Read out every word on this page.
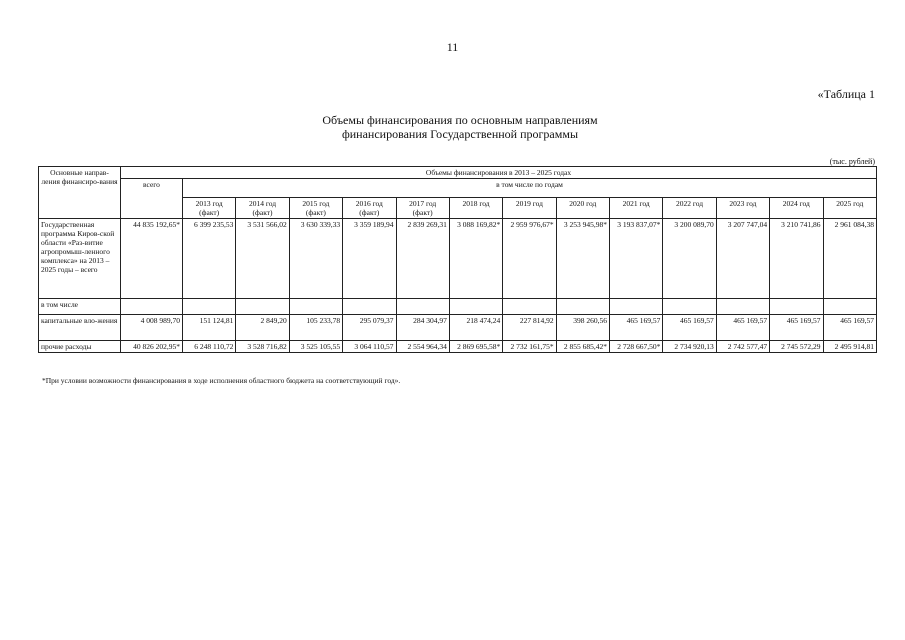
11
«Таблица 1
Объемы финансирования по основным направлениям
финансирования Государственной программы
(тыс. рублей)
Основные направ-ления финансиро-вания	Объемы финансирования в 2013 – 2025 годах													
	всего	в том числе по годам												
		2013 год (факт)	2014 год (факт)	2015 год (факт)	2016 год (факт)	2017 год (факт)	2018 год	2019 год	2020 год	2021 год	2022 год	2023 год	2024 год	2025 год
Государственная программа Киров-ской области «Раз-витие агропромыш-ленного комплекса» на 2013 – 2025 годы – всего	44 835 192,65*	6 399 235,53	3 531 566,02	3 630 339,33	3 359 189,94	2 839 269,31	3 088 169,82*	2 959 976,67*	3 253 945,98*	3 193 837,07*	3 200 089,70	3 207 747,04	3 210 741,86	2 961 084,38
в том числе														
капитальные вло-жения	4 008 989,70	151 124,81	2 849,20	105 233,78	295 079,37	284 304,97	218 474,24	227 814,92	398 260,56	465 169,57	465 169,57	465 169,57	465 169,57	465 169,57
прочие расходы	40 826 202,95*	6 248 110,72	3 528 716,82	3 525 105,55	3 064 110,57	2 554 964,34	2 869 695,58*	2 732 161,75*	2 855 685,42*	2 728 667,50*	2 734 920,13	2 742 577,47	2 745 572,29	2 495 914,81
*При условии возможности финансирования в ходе исполнения областного бюджета на соответствующий год».
